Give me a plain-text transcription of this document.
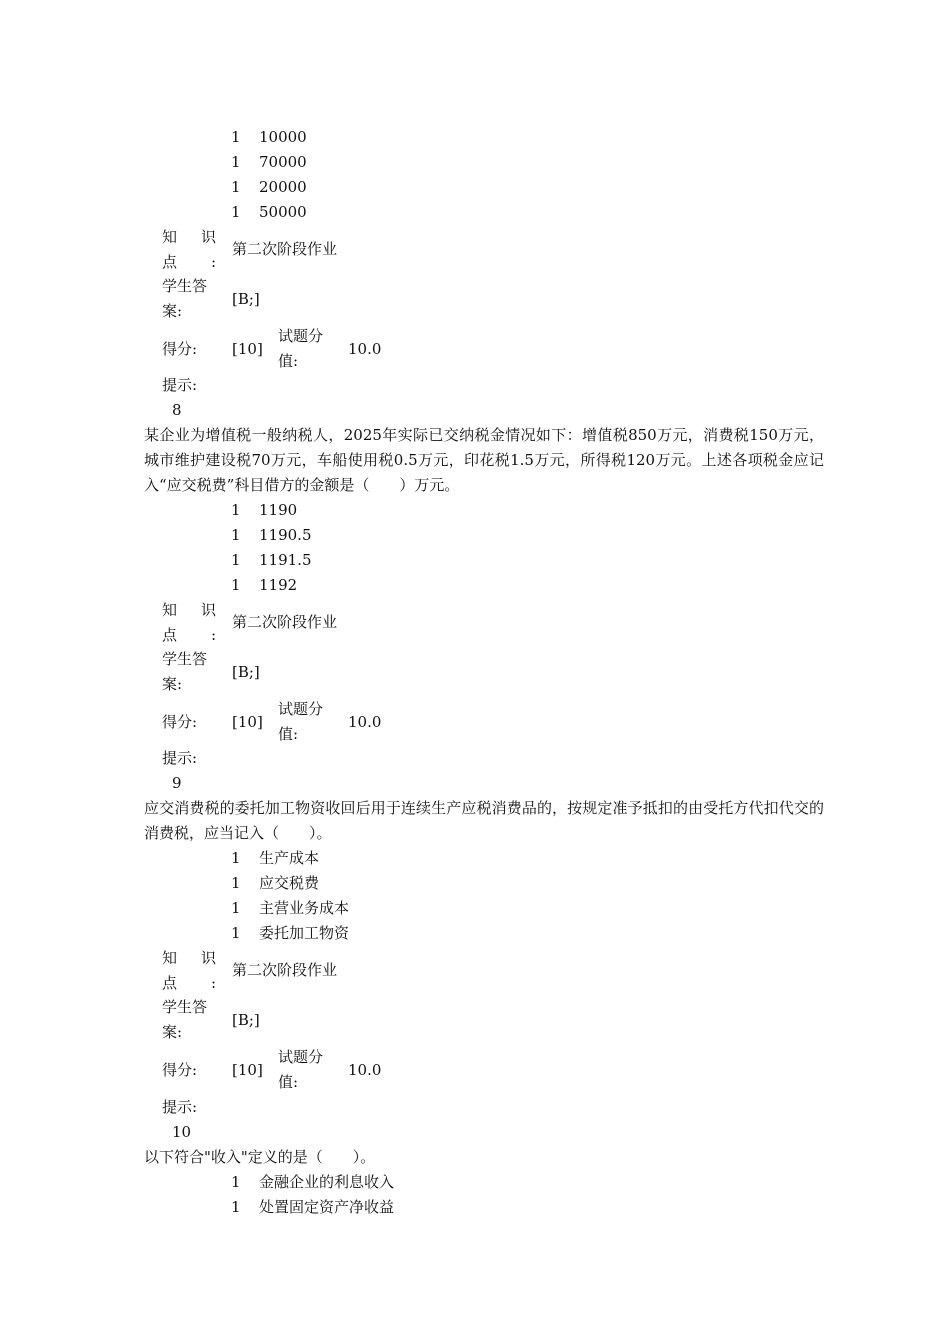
1 10000
1 70000
1 20000
1 50000
知 识 点:
第二次阶段作业
学生答案:
[B;]
得分: [10]
试题分值:
10.0
提示:
8
某企业为增值税一般纳税人，2025年实际已交纳税金情况如下：增值税850万元，消费税150万元，城市维护建设税70万元，车船使用税0.5万元，印花税1.5万元，所得税120万元。上述各项税金应记入“应交税费”科目借方的金额是（　　）万元。
1 1190
1 1190.5
1 1191.5
1 1192
知 识 点:
第二次阶段作业
学生答案:
[B;]
得分: [10]
试题分值:
10.0
提示:
9
应交消费税的委托加工物资收回后用于连续生产应税消费品的，按规定准予抵扣的由受托方代扣代交的消费税，应当记入（　　）。
1 生产成本
1 应交税费
1 主营业务成本
1 委托加工物资
知 识 点:
第二次阶段作业
学生答案:
[B;]
得分: [10]
试题分值:
10.0
提示:
10
以下符合"收入"定义的是（　　）。
1 金融企业的利息收入
1 处置固定资产净收益
